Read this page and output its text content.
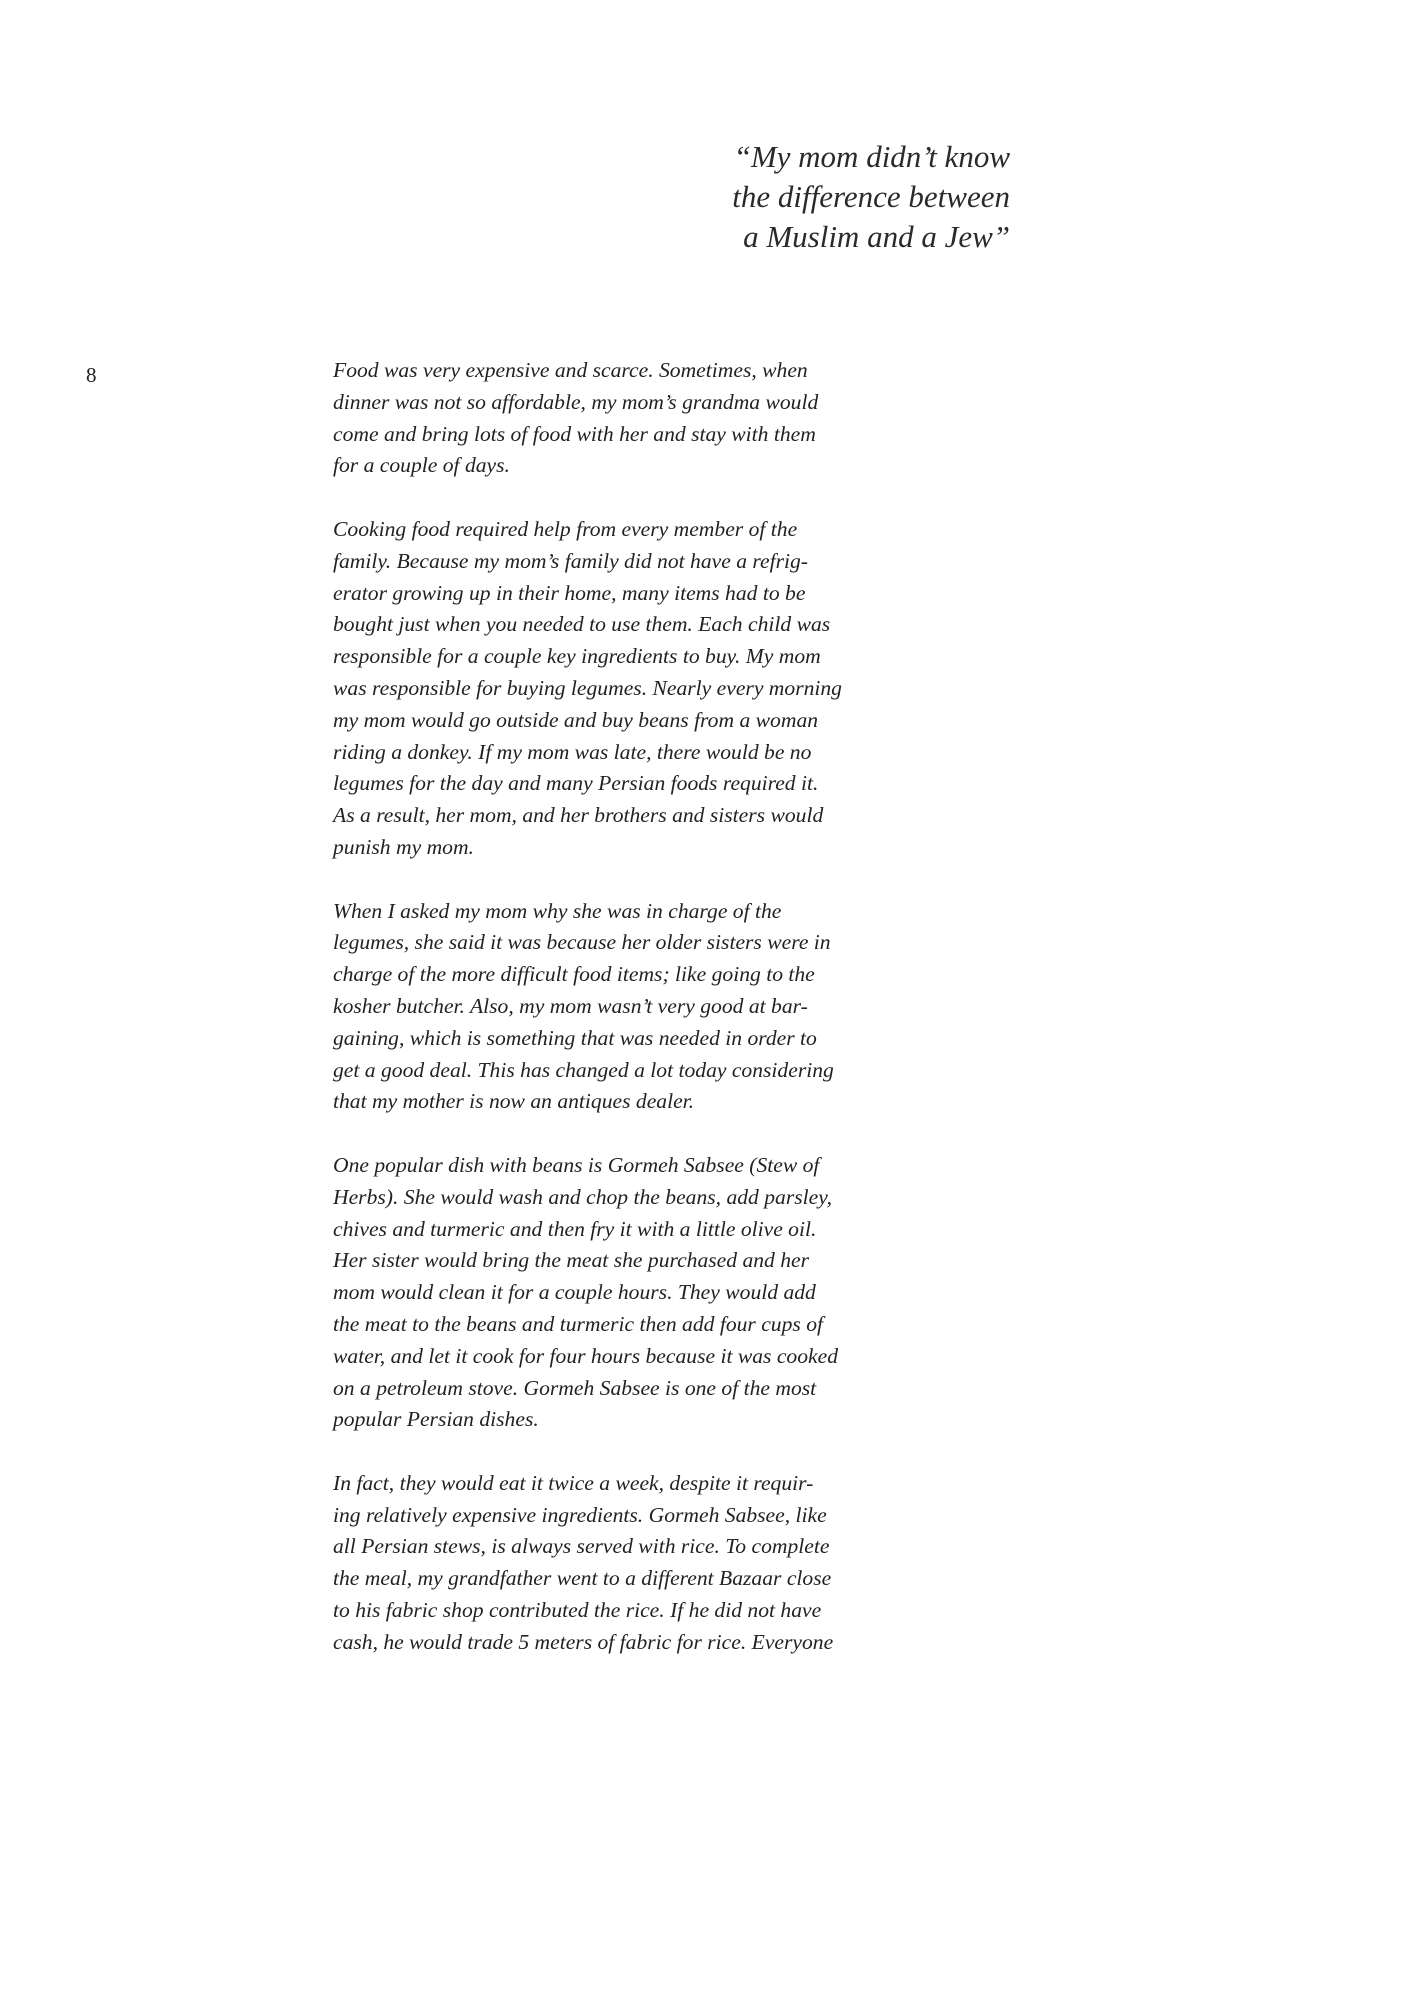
“My mom didn’t know
the difference between
a Muslim and a Jew”
8	Food was very expensive and scarce. Sometimes, when
dinner was not so affordable, my mom’s grandma would
come and bring lots of food with her and stay with them
for a couple of days.

Cooking food required help from every member of the
family. Because my mom’s family did not have a refrig-
erator growing up in their home, many items had to be
bought just when you needed to use them. Each child was
responsible for a couple key ingredients to buy. My mom
was responsible for buying legumes. Nearly every morning
my mom would go outside and buy beans from a woman
riding a donkey. If my mom was late, there would be no
legumes for the day and many Persian foods required it.
As a result, her mom, and her brothers and sisters would
punish my mom.

When I asked my mom why she was in charge of the
legumes, she said it was because her older sisters were in
charge of the more difficult food items; like going to the
kosher butcher. Also, my mom wasn’t very good at bar-
gaining, which is something that was needed in order to
get a good deal. This has changed a lot today considering
that my mother is now an antiques dealer.

One popular dish with beans is Gormeh Sabsee (Stew of
Herbs). She would wash and chop the beans, add parsley,
chives and turmeric and then fry it with a little olive oil.
Her sister would bring the meat she purchased and her
mom would clean it for a couple hours. They would add
the meat to the beans and turmeric then add four cups of
water, and let it cook for four hours because it was cooked
on a petroleum stove. Gormeh Sabsee is one of the most
popular Persian dishes.

In fact, they would eat it twice a week, despite it requir-
ing relatively expensive ingredients. Gormeh Sabsee, like
all Persian stews, is always served with rice. To complete
the meal, my grandfather went to a different Bazaar close
to his fabric shop contributed the rice. If he did not have
cash, he would trade 5 meters of fabric for rice. Everyone
